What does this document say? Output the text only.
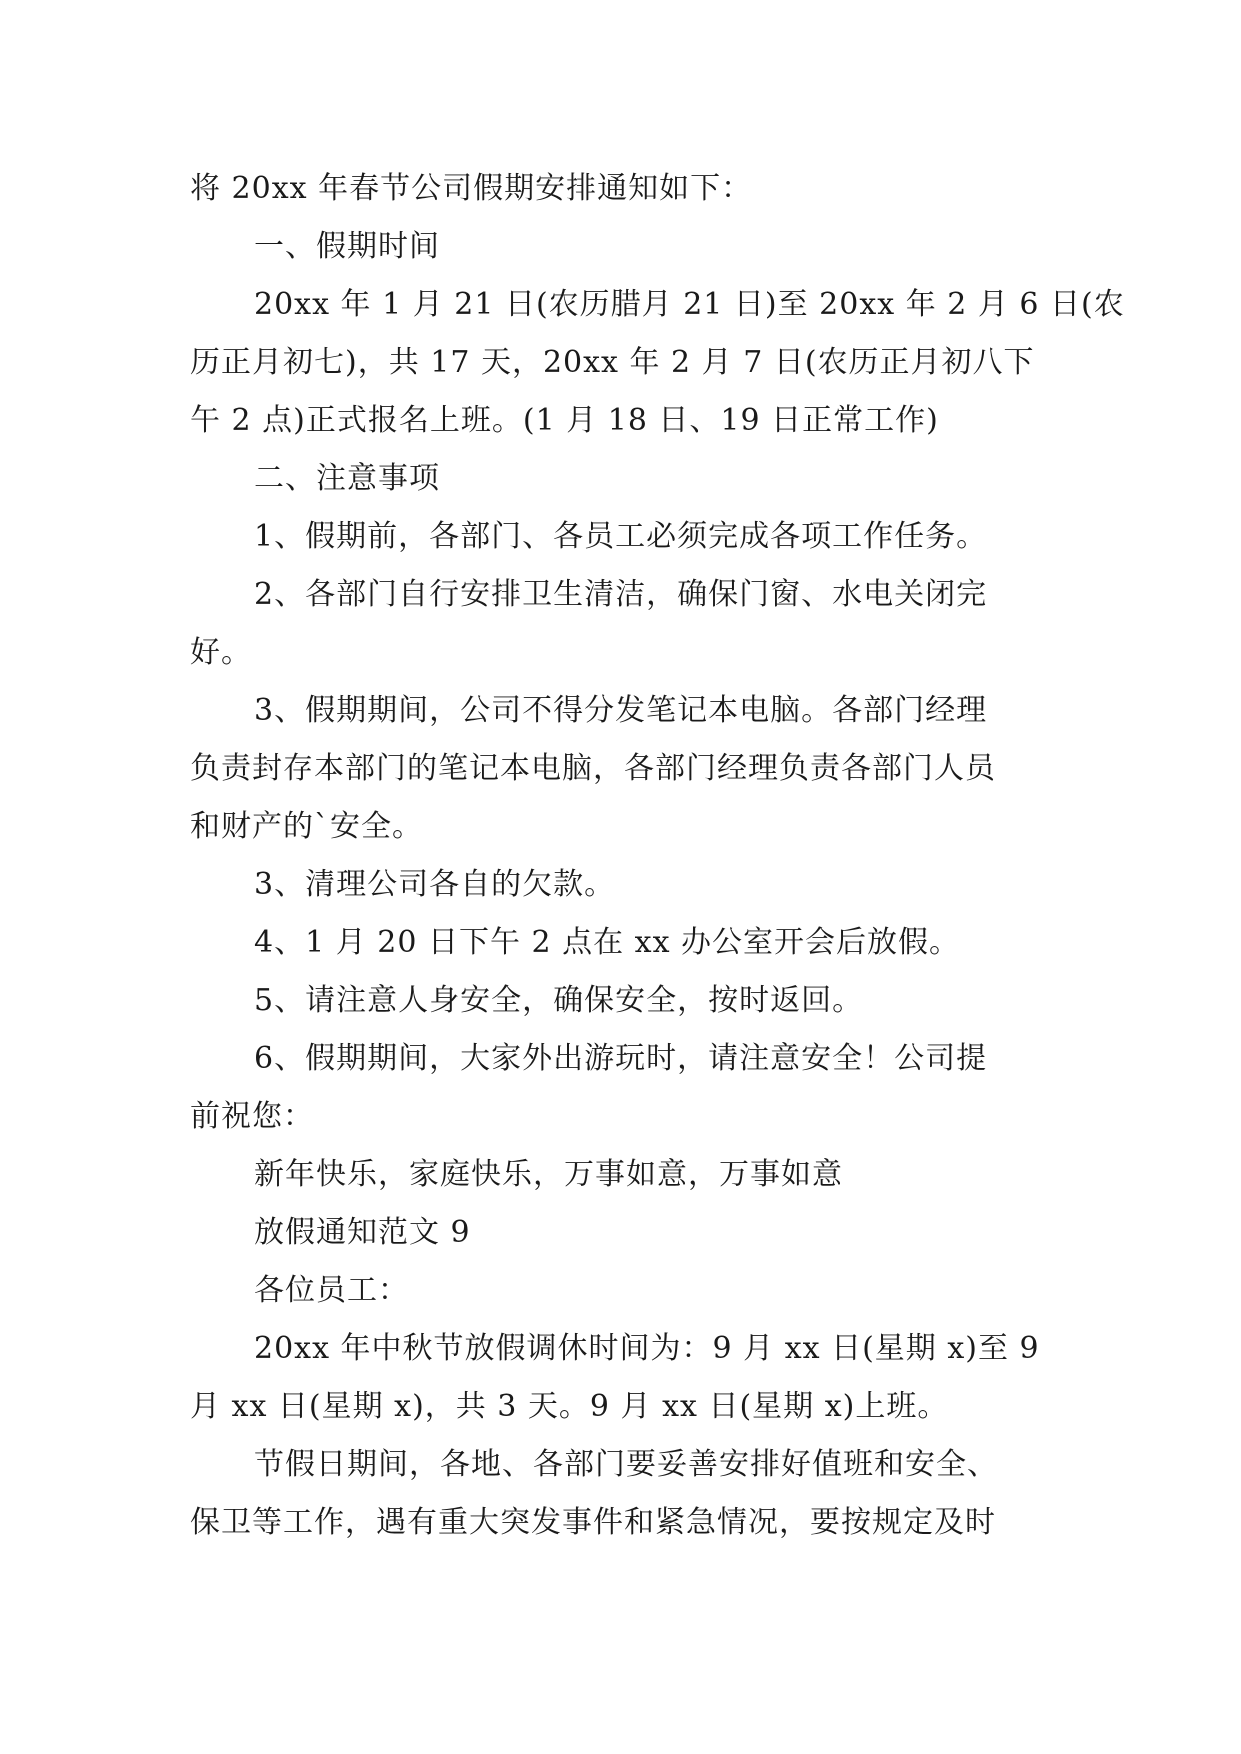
将 20xx 年春节公司假期安排通知如下：
一、假期时间
20xx 年 1 月 21 日(农历腊月 21 日)至 20xx 年 2 月 6 日(农
历正月初七)，共 17 天，20xx 年 2 月 7 日(农历正月初八下
午 2 点)正式报名上班。(1 月 18 日、19 日正常工作)
二、注意事项
1、假期前，各部门、各员工必须完成各项工作任务。
2、各部门自行安排卫生清洁，确保门窗、水电关闭完
好。
3、假期期间，公司不得分发笔记本电脑。各部门经理
负责封存本部门的笔记本电脑，各部门经理负责各部门人员
和财产的`安全。
3、清理公司各自的欠款。
4、1 月 20 日下午 2 点在 xx 办公室开会后放假。
5、请注意人身安全，确保安全，按时返回。
6、假期期间，大家外出游玩时，请注意安全！公司提
前祝您：
新年快乐，家庭快乐，万事如意，万事如意
放假通知范文 9
各位员工：
20xx 年中秋节放假调休时间为：9 月 xx 日(星期 x)至 9
月 xx 日(星期 x)，共 3 天。9 月 xx 日(星期 x)上班。
节假日期间，各地、各部门要妥善安排好值班和安全、
保卫等工作，遇有重大突发事件和紧急情况，要按规定及时
